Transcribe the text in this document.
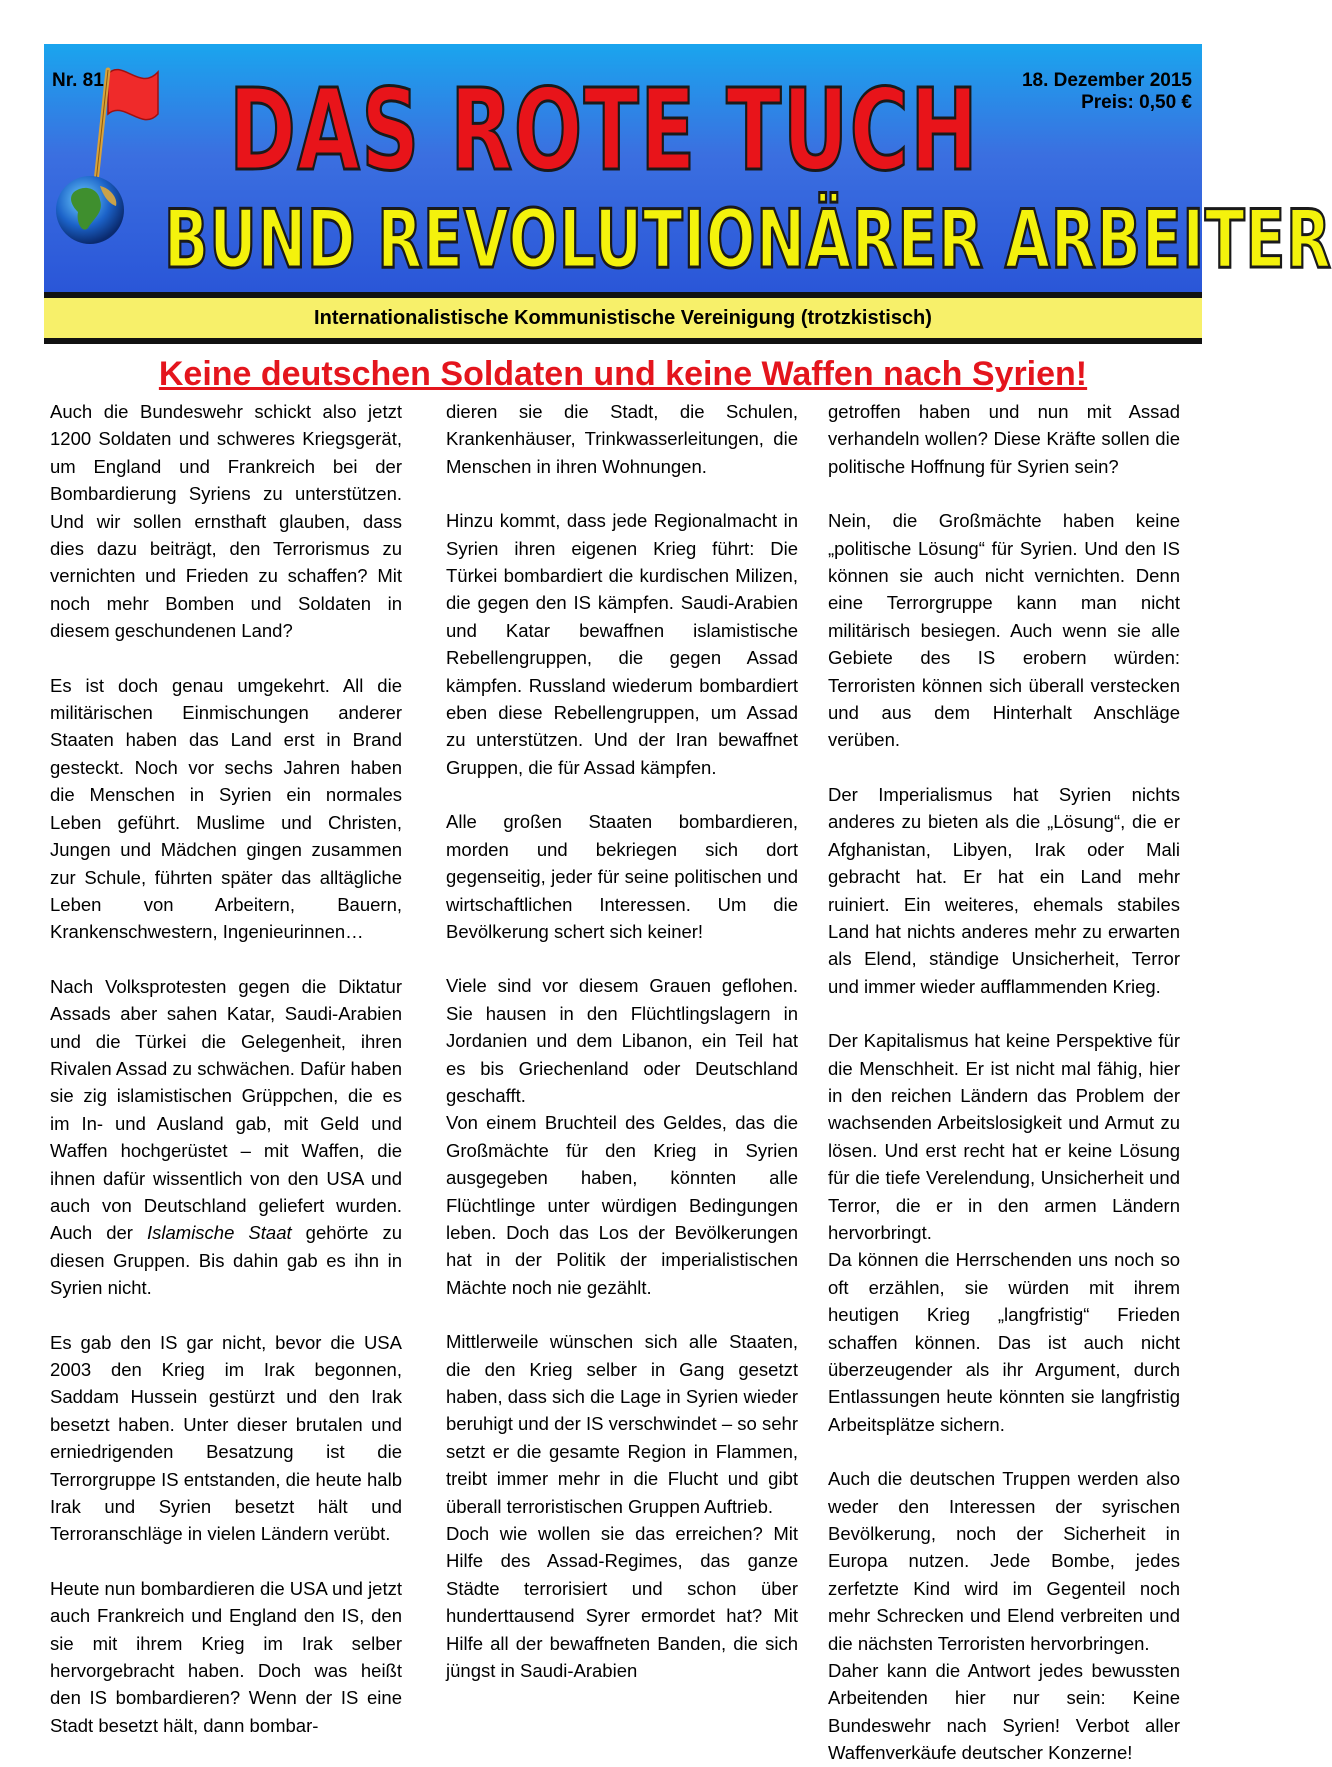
Nr. 81 DAS ROTE TUCH 18. Dezember 2015
Preis: 0,50 €
BUND REVOLUTIONÄRER ARBEITER
Internationalistische Kommunistische Vereinigung (trotzkistisch)
Keine deutschen Soldaten und keine Waffen nach Syrien!

Auch die Bundeswehr schickt also jetzt 1200 Soldaten und schweres Kriegsgerät, um England und Frankreich bei der Bombardierung Syriens zu unterstützen. Und wir sollen ernsthaft glauben, dass dies dazu beiträgt, den Terrorismus zu vernichten und Frieden zu schaffen? Mit noch mehr Bomben und Soldaten in diesem geschundenen Land?

Es ist doch genau umgekehrt. All die militärischen Einmischungen anderer Staaten haben das Land erst in Brand gesteckt. Noch vor sechs Jahren haben die Menschen in Syrien ein normales Leben geführt. Muslime und Christen, Jungen und Mädchen gingen zusammen zur Schule, führten später das alltägliche Leben von Arbeitern, Bauern, Krankenschwestern, Ingenieurinnen…

Nach Volksprotesten gegen die Diktatur Assads aber sahen Katar, Saudi-Arabien und die Türkei die Gelegenheit, ihren Rivalen Assad zu schwächen. Dafür haben sie zig islamistischen Grüppchen, die es im In- und Ausland gab, mit Geld und Waffen hochgerüstet – mit Waffen, die ihnen dafür wissentlich von den USA und auch von Deutschland geliefert wurden. Auch der Islamische Staat gehörte zu diesen Gruppen. Bis dahin gab es ihn in Syrien nicht.

Es gab den IS gar nicht, bevor die USA 2003 den Krieg im Irak begonnen, Saddam Hussein gestürzt und den Irak besetzt haben. Unter dieser brutalen und erniedrigenden Besatzung ist die Terrorgruppe IS entstanden, die heute halb Irak und Syrien besetzt hält und Terroranschläge in vielen Ländern verübt.

Heute nun bombardieren die USA und jetzt auch Frankreich und England den IS, den sie mit ihrem Krieg im Irak selber hervorgebracht haben. Doch was heißt den IS bombardieren? Wenn der IS eine Stadt besetzt hält, dann bombar-

dieren sie die Stadt, die Schulen, Krankenhäuser, Trinkwasserleitungen, die Menschen in ihren Wohnungen.

Hinzu kommt, dass jede Regionalmacht in Syrien ihren eigenen Krieg führt: Die Türkei bombardiert die kurdischen Milizen, die gegen den IS kämpfen. Saudi-Arabien und Katar bewaffnen islamistische Rebellengruppen, die gegen Assad kämpfen. Russland wiederum bombardiert eben diese Rebellengruppen, um Assad zu unterstützen. Und der Iran bewaffnet Gruppen, die für Assad kämpfen.

Alle großen Staaten bombardieren, morden und bekriegen sich dort gegenseitig, jeder für seine politischen und wirtschaftlichen Interessen. Um die Bevölkerung schert sich keiner!

Viele sind vor diesem Grauen geflohen. Sie hausen in den Flüchtlingslagern in Jordanien und dem Libanon, ein Teil hat es bis Griechenland oder Deutschland geschafft.

Von einem Bruchteil des Geldes, das die Großmächte für den Krieg in Syrien ausgegeben haben, könnten alle Flüchtlinge unter würdigen Bedingungen leben. Doch das Los der Bevölkerungen hat in der Politik der imperialistischen Mächte noch nie gezählt.

Mittlerweile wünschen sich alle Staaten, die den Krieg selber in Gang gesetzt haben, dass sich die Lage in Syrien wieder beruhigt und der IS verschwindet – so sehr setzt er die gesamte Region in Flammen, treibt immer mehr in die Flucht und gibt überall terroristischen Gruppen Auftrieb.

Doch wie wollen sie das erreichen? Mit Hilfe des Assad-Regimes, das ganze Städte terrorisiert und schon über hunderttausend Syrer ermordet hat? Mit Hilfe all der bewaffneten Banden, die sich jüngst in Saudi-Arabien

getroffen haben und nun mit Assad verhandeln wollen? Diese Kräfte sollen die politische Hoffnung für Syrien sein?

Nein, die Großmächte haben keine „politische Lösung“ für Syrien. Und den IS können sie auch nicht vernichten. Denn eine Terrorgruppe kann man nicht militärisch besiegen. Auch wenn sie alle Gebiete des IS erobern würden: Terroristen können sich überall verstecken und aus dem Hinterhalt Anschläge verüben.

Der Imperialismus hat Syrien nichts anderes zu bieten als die „Lösung“, die er Afghanistan, Libyen, Irak oder Mali gebracht hat. Er hat ein Land mehr ruiniert. Ein weiteres, ehemals stabiles Land hat nichts anderes mehr zu erwarten als Elend, ständige Unsicherheit, Terror und immer wieder aufflammenden Krieg.

Der Kapitalismus hat keine Perspektive für die Menschheit. Er ist nicht mal fähig, hier in den reichen Ländern das Problem der wachsenden Arbeitslosigkeit und Armut zu lösen. Und erst recht hat er keine Lösung für die tiefe Verelendung, Unsicherheit und Terror, die er in den armen Ländern hervorbringt.

Da können die Herrschenden uns noch so oft erzählen, sie würden mit ihrem heutigen Krieg „langfristig“ Frieden schaffen können. Das ist auch nicht überzeugender als ihr Argument, durch Entlassungen heute könnten sie langfristig Arbeitsplätze sichern.

Auch die deutschen Truppen werden also weder den Interessen der syrischen Bevölkerung, noch der Sicherheit in Europa nutzen. Jede Bombe, jedes zerfetzte Kind wird im Gegenteil noch mehr Schrecken und Elend verbreiten und die nächsten Terroristen hervorbringen.

Daher kann die Antwort jedes bewussten Arbeitenden hier nur sein: Keine Bundeswehr nach Syrien! Verbot aller Waffenverkäufe deutscher Konzerne!
